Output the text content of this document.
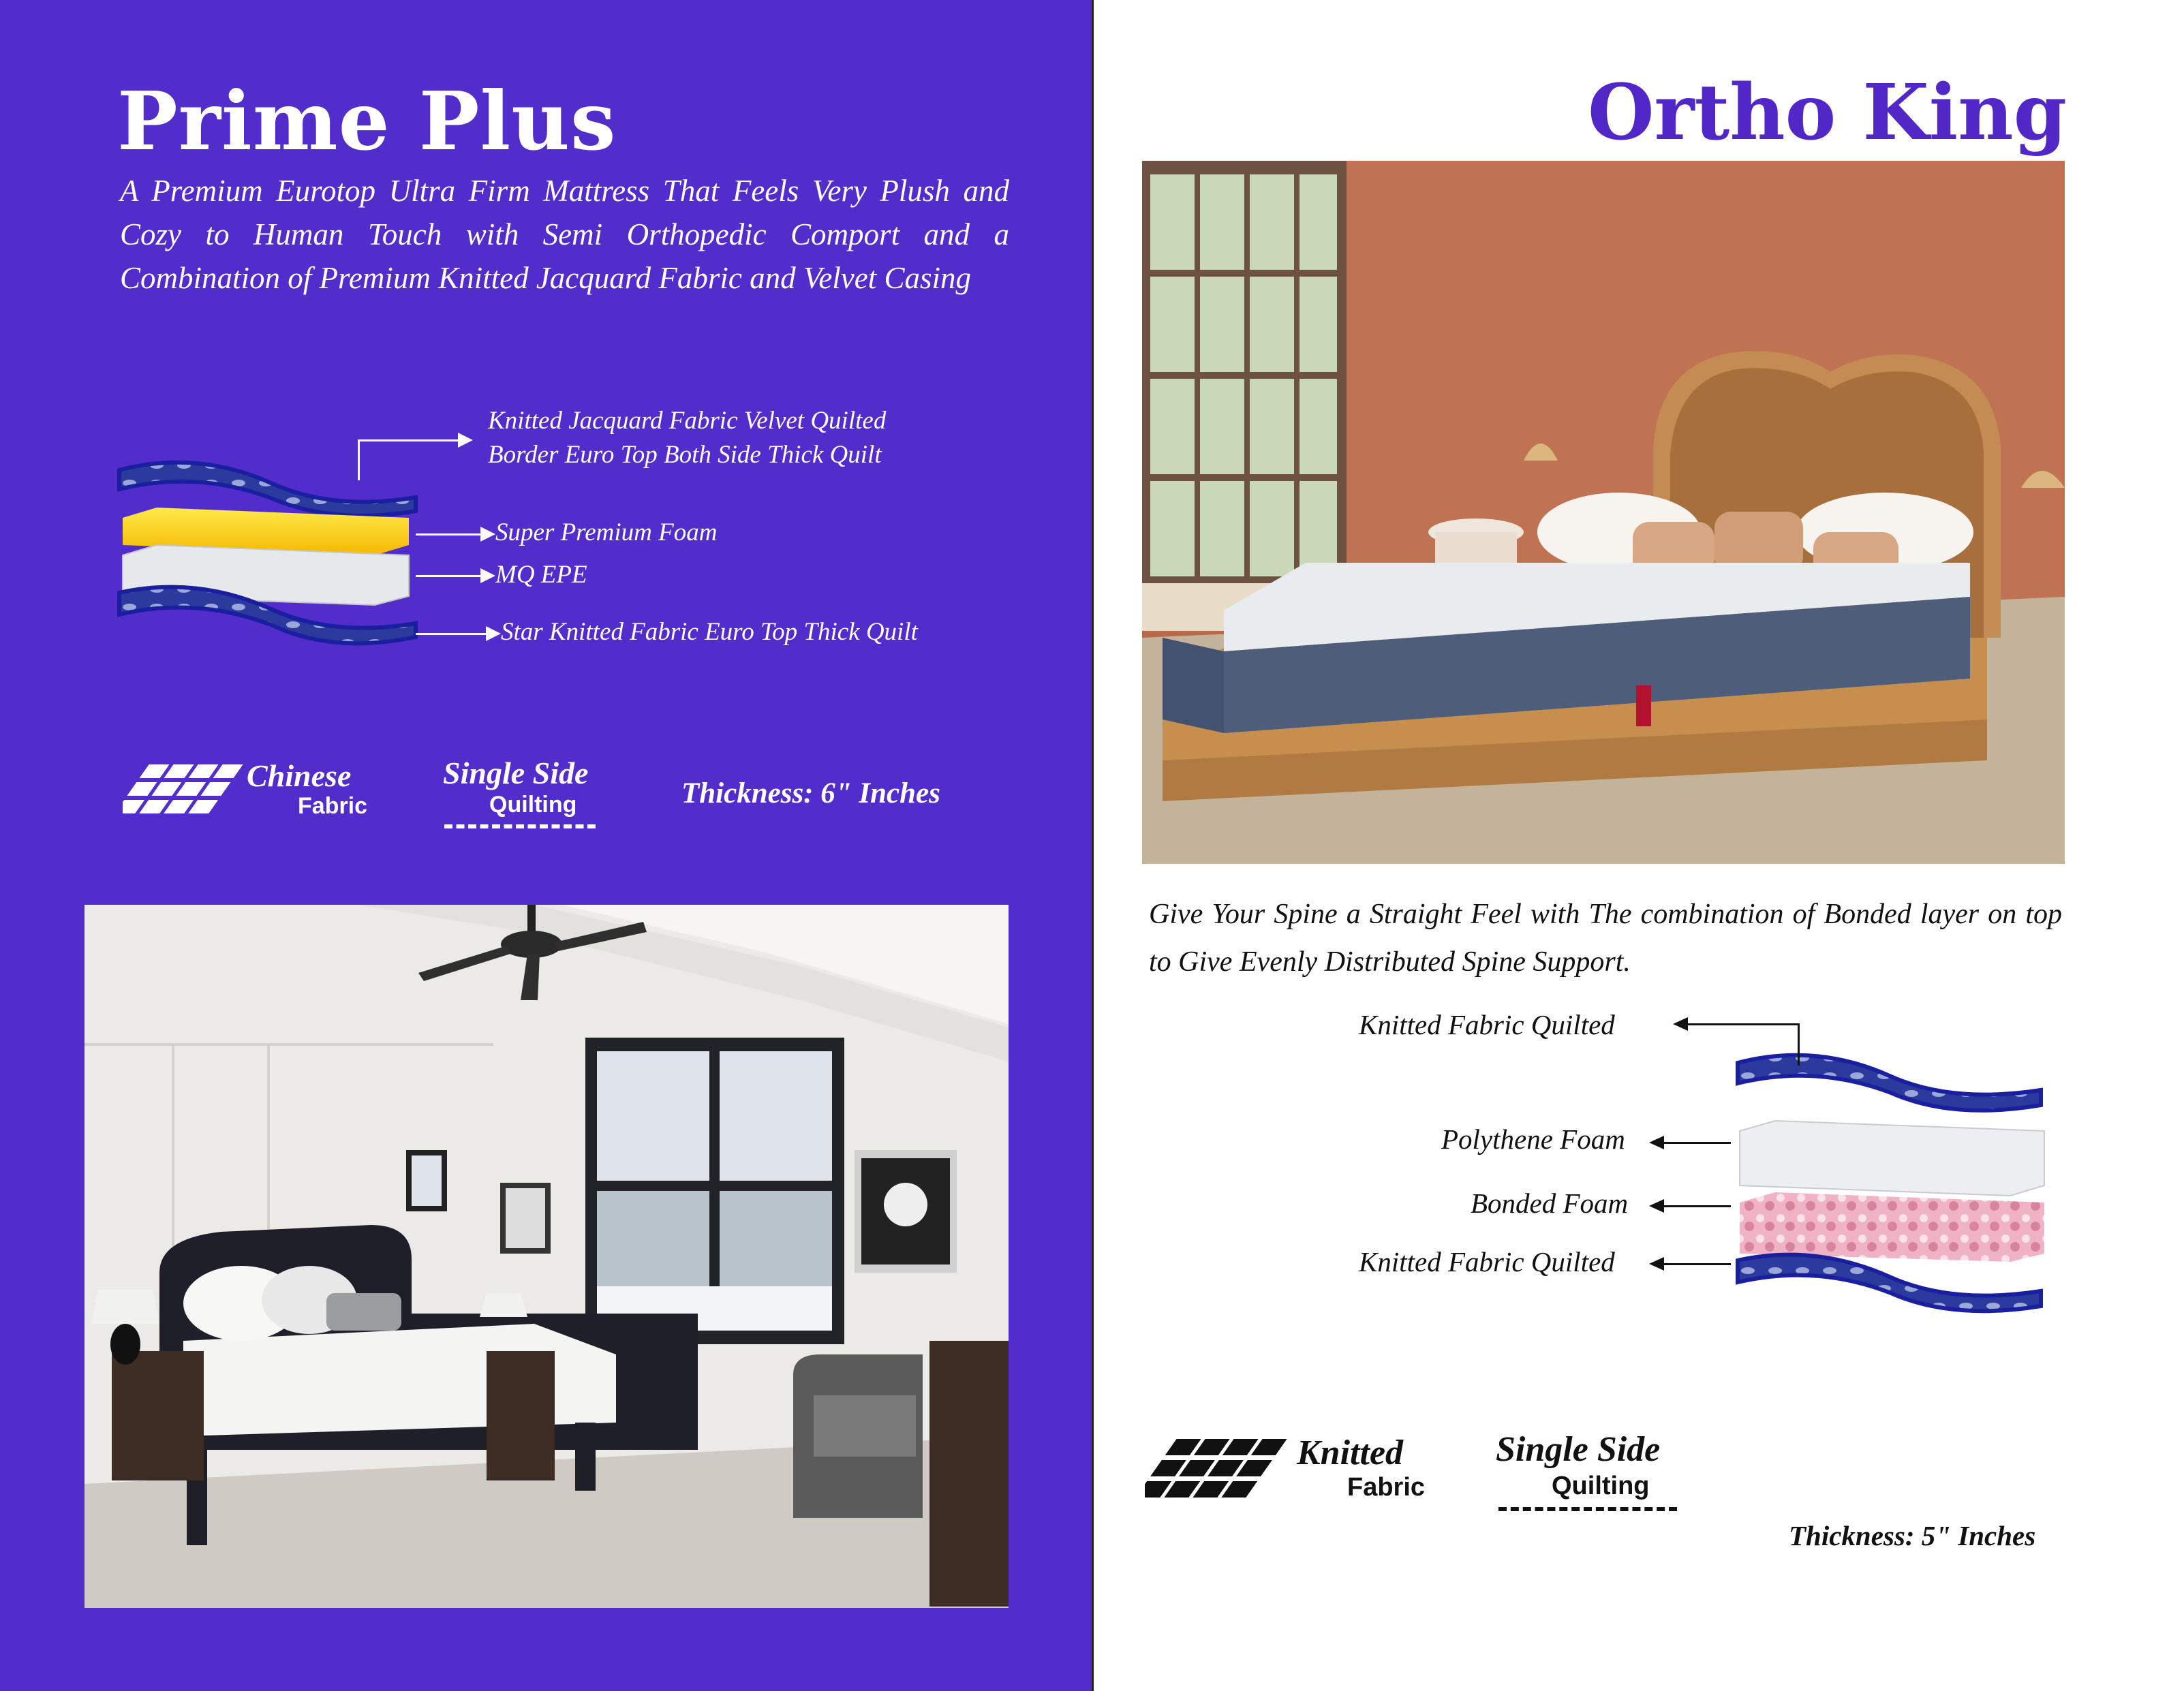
Prime Plus
A Premium Eurotop Ultra Firm Mattress That Feels Very Plush and Cozy to Human Touch with Semi Orthopedic Comport and a Combination of Premium Knitted Jacquard Fabric and Velvet Casing
Knitted Jacquard Fabric Velvet Quilted
Border Euro Top Both Side Thick Quilt
Super Premium Foam
MQ EPE
Star Knitted Fabric Euro Top Thick Quilt
Chinese
Fabric
Single Side
Quilting	Thickness: 6" Inches
Ortho King
Give Your Spine a Straight Feel with The combination of Bonded layer on top to Give Evenly Distributed Spine Support.
Knitted Fabric Quilted
Polythene Foam
Bonded Foam
Knitted Fabric Quilted
Knitted
Fabric
Single Side
Quilting
Thickness: 5" Inches
